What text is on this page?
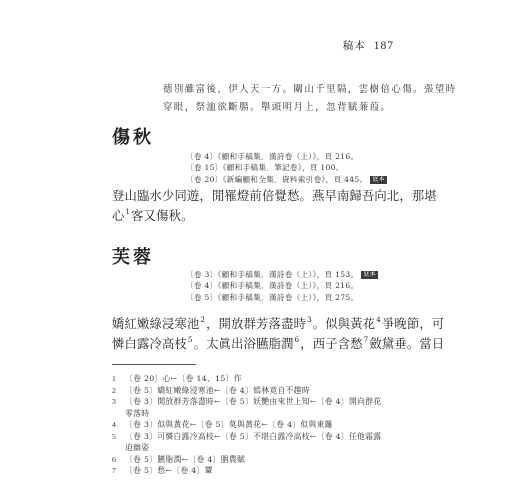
稿本 187
德別雖富後，伊人天一方。關山千里隔，雲樹倍心傷。張望時
穿眼，祭洫欲斷腸。舉頭明月上，忽背賦蒹葭。
傷秋
〔卷 4〕《顧和手稿集．漢詩卷（上）》，頁 216。
〔卷 15〕《顧和手稿集．筆記卷》，頁 100。
〔卷 20〕《新編顧和全集．資料索引卷》，頁 445。 底本
登山臨水少同遊，閒罹燈前倍覺愁。燕早南歸吾向北，那堪
心$^1$客又傷秋。
芙蓉
〔卷 3〕《顧和手稿集．漢詩卷（上）》，頁 153。 底本
〔卷 4〕《顧和手稿集．漢詩卷（上）》，頁 216。
〔卷 5〕《顧和手稿集．漢詩卷（上）》，頁 275。
嬌紅嫩綠浸寒池$^2$，開放群芳落盡時$^3$。似與黃花$^4$爭晚節，可
憐白露冷高枝$^5$。太眞出浴臙脂潤$^6$，西子含愁$^7$斂黛垂。當日
1 〔卷 20〕心←〔卷 14、15〕作
2 〔卷 5〕嬌紅嫩綠浸寒池←〔卷 4〕嫣林竟自不趨時
3 〔卷 3〕開放群芳落盡時←〔卷 5〕妖艷由來世上知←〔卷 4〕開向群花
零落時
4 〔卷 3〕似與黃花←〔卷 5〕莫與黃花←〔卷 4〕似與東籬
5 〔卷 3〕可憐白露冷高枝←〔卷 5〕不堪白露冷高枝←〔卷 4〕任他霜露
迫幽姿
6 〔卷 5〕臙脂潤←〔卷 4〕胭農賦
7 〔卷 5〕愁←〔卷 4〕顰
